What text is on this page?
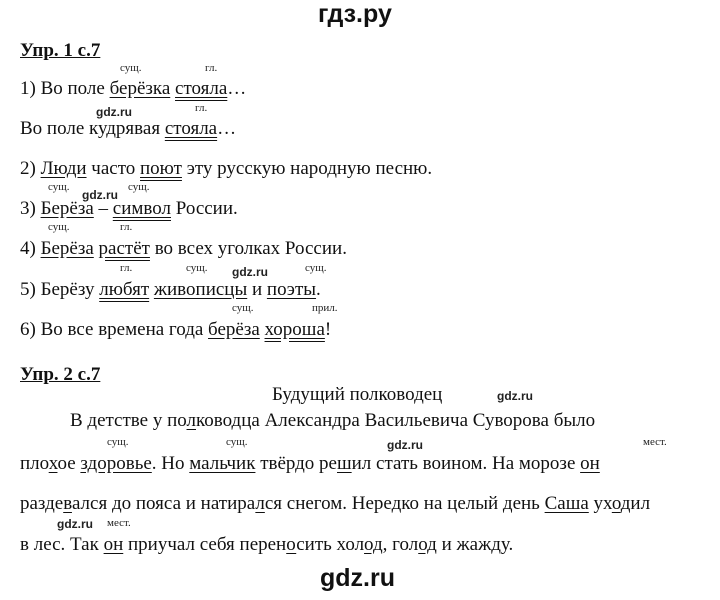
гдз.ру
gdz.ru
gdz.ru
gdz.ru
gdz.ru
gdz.ru
gdz.ru
gdz.ru
Упр. 1 с.7
сущ.	гл.
1) Во поле берёзка стояла…
гл.
Во поле кудрявая стояла…
2) Люди часто поют эту русскую народную песню.
сущ.	сущ.
3) Берёза – символ России.
сущ.	гл.
4) Берёза растёт во всех уголках России.
гл.	сущ.	сущ.
5) Берёзу любят живописцы и поэты.
сущ.	прил.
6) Во все времена года берёза хороша!
Упр. 2 с.7
Будущий полководец
В детстве у полководца Александра Васильевича Суворова было
сущ.	сущ.	мест.
плохое здоровье. Но мальчик твёрдо решил стать воином. На морозе он
раздевался до пояса и натирался снегом. Нередко на целый день Саша уходил
мест.
в лес. Так он приучал себя переносить холод, голод и жажду.
